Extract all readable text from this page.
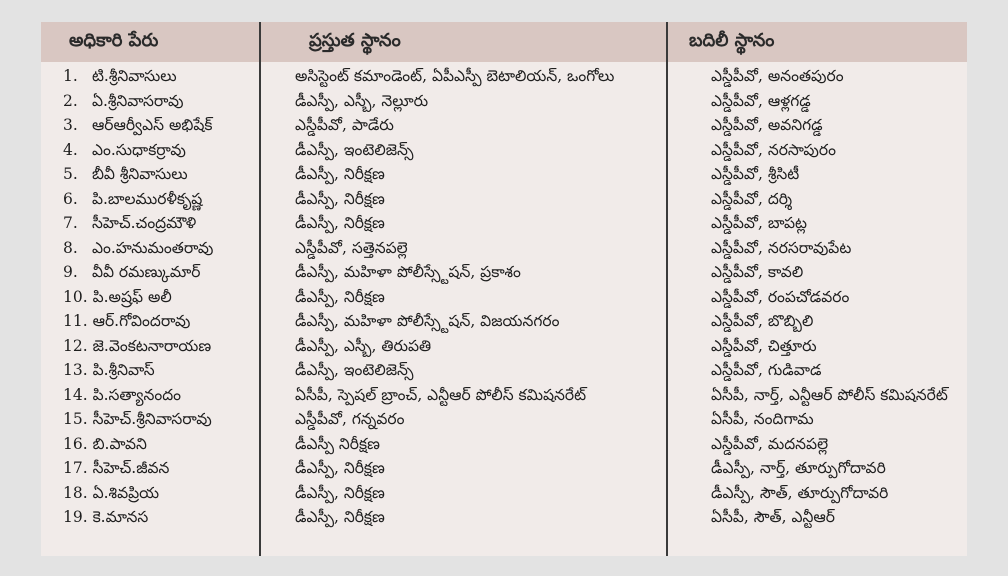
అధికారి పేరు	ప్రస్తుత స్థానం	బదిలీ స్థానం
1. టి.శ్రీనివాసులు	అసిస్టెంట్ కమాండెంట్, ఏపీఎస్పీ బెటాలియన్, ఒంగోలు	ఎస్డీపీవో, అనంతపురం
2. ఏ.శ్రీనివాసరావు	డీఎస్పీ, ఎస్బీ, నెల్లూరు	ఎస్డీపీవో, ఆళ్లగడ్డ
3. ఆర్ఆర్వీఎస్ అభిషేక్	ఎస్డీపీవో, పాడేరు	ఎస్డీపీవో, అవనిగడ్డ
4. ఎం.సుధాకర్రావు	డీఎస్పీ, ఇంటెలిజెన్స్	ఎస్డీపీవో, నరసాపురం
5. బీవీ శ్రీనివాసులు	డీఎస్పీ, నిరీక్షణ	ఎస్డీపీవో, శ్రీసిటీ
6. పి.బాలమురళీకృష్ణ	డీఎస్పీ, నిరీక్షణ	ఎస్డీపీవో, దర్శి
7. సీహెచ్.చంద్రమౌళి	డీఎస్పీ, నిరీక్షణ	ఎస్డీపీవో, బాపట్ల
8. ఎం.హనుమంతరావు	ఎస్డీపీవో, సత్తెనపల్లె	ఎస్డీపీవో, నరసరావుపేట
9. వీవీ రమణ్కుమార్	డీఎస్పీ, మహిళా పోలీస్స్టేషన్, ప్రకాశం	ఎస్డీపీవో, కావలి
10. పి.అష్రఫ్ అలీ	డీఎస్పీ, నిరీక్షణ	ఎస్డీపీవో, రంపచోడవరం
11. ఆర్.గోవిందరావు	డీఎస్పీ, మహిళా పోలీస్స్టేషన్, విజయనగరం	ఎస్డీపీవో, బొబ్బిలి
12. జె.వెంకటనారాయణ	డీఎస్పీ, ఎస్బీ, తిరుపతి	ఎస్డీపీవో, చిత్తూరు
13. పి.శ్రీనివాస్	డీఎస్పీ, ఇంటెలిజెన్స్	ఎస్డీపీవో, గుడివాడ
14. పి.సత్యానందం	ఏసీపీ, స్పెషల్ బ్రాంచ్, ఎన్టీఆర్ పోలీస్ కమిషనరేట్	ఏసీపీ, నార్త్, ఎన్టీఆర్ పోలీస్ కమిషనరేట్
15. సీహెచ్.శ్రీనివాసరావు	ఎస్డీపీవో, గన్నవరం	ఏసీపీ, నందిగామ
16. బి.పావని	డీఎస్పీ నిరీక్షణ	ఎస్డీపీవో, మదనపల్లె
17. సీహెచ్.జీవన	డీఎస్పీ, నిరీక్షణ	డీఎస్పీ, నార్త్, తూర్పుగోదావరి
18. ఏ.శివప్రియ	డీఎస్పీ, నిరీక్షణ	డీఎస్పీ, సౌత్, తూర్పుగోదావరి
19. కె.మానస	డీఎస్పీ, నిరీక్షణ	ఏసీపీ, సౌత్, ఎన్టీఆర్
